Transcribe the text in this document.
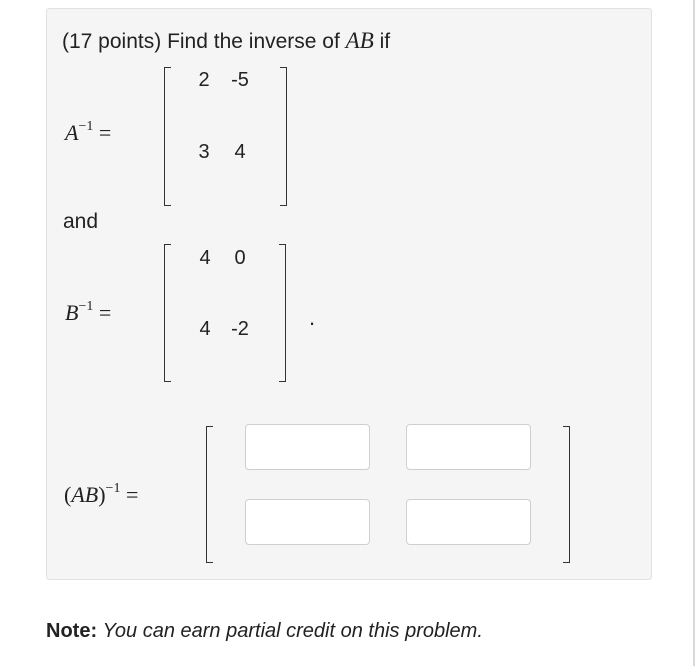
(17 points) Find the inverse of AB if
$A^{-1}$ =
2	-5
3	4
and
$B^{-1}$ =
4	0
4	-2	.
(AB)$^{-1}$ =
Note: You can earn partial credit on this problem.
